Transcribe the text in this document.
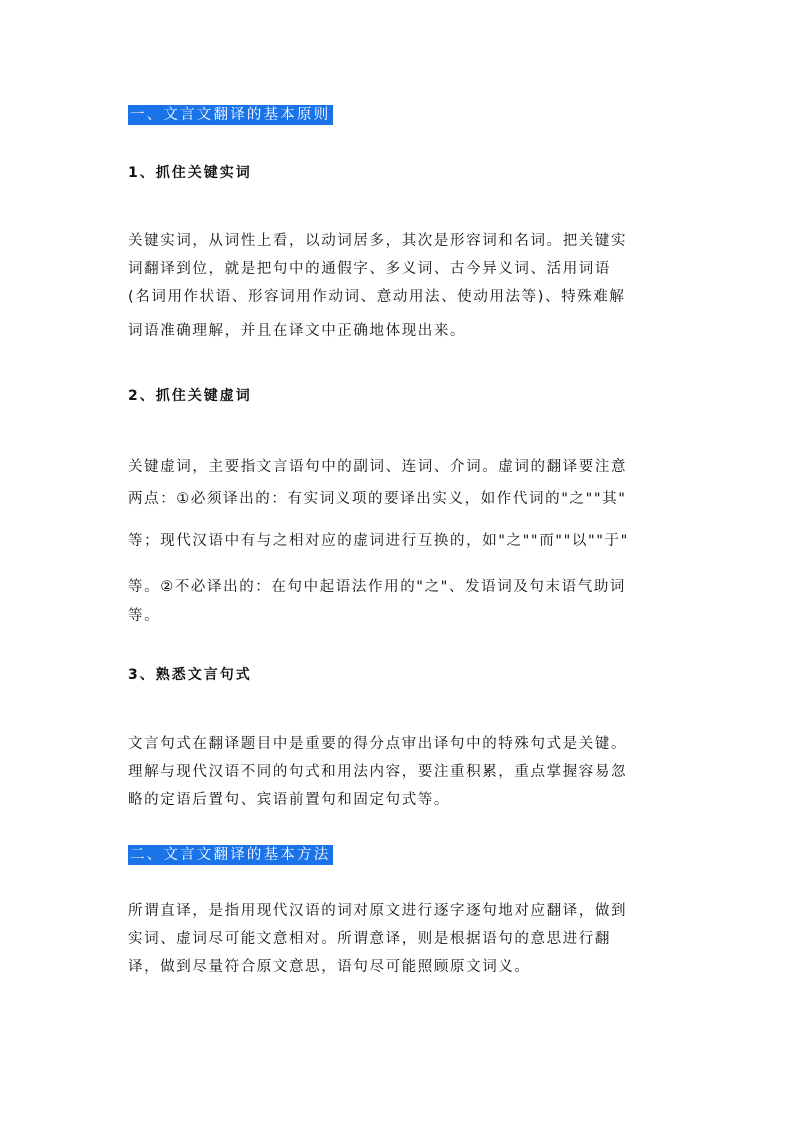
一、文言文翻译的基本原则
1、抓住关键实词
关键实词，从词性上看，以动词居多，其次是形容词和名词。把关键实
词翻译到位，就是把句中的通假字、多义词、古今异义词、活用词语
(名词用作状语、形容词用作动词、意动用法、使动用法等)、特殊难解
词语准确理解，并且在译文中正确地体现出来。
2、抓住关键虚词
关键虚词，主要指文言语句中的副词、连词、介词。虚词的翻译要注意
两点：①必须译出的：有实词义项的要译出实义，如作代词的"之""其"
等；现代汉语中有与之相对应的虚词进行互换的，如"之""而""以""于"
等。②不必译出的：在句中起语法作用的"之"、发语词及句末语气助词
等。
3、熟悉文言句式
文言句式在翻译题目中是重要的得分点审出译句中的特殊句式是关键。
理解与现代汉语不同的句式和用法内容，要注重积累，重点掌握容易忽
略的定语后置句、宾语前置句和固定句式等。
二、文言文翻译的基本方法
所谓直译，是指用现代汉语的词对原文进行逐字逐句地对应翻译，做到
实词、虚词尽可能文意相对。所谓意译，则是根据语句的意思进行翻
译，做到尽量符合原文意思，语句尽可能照顾原文词义。
